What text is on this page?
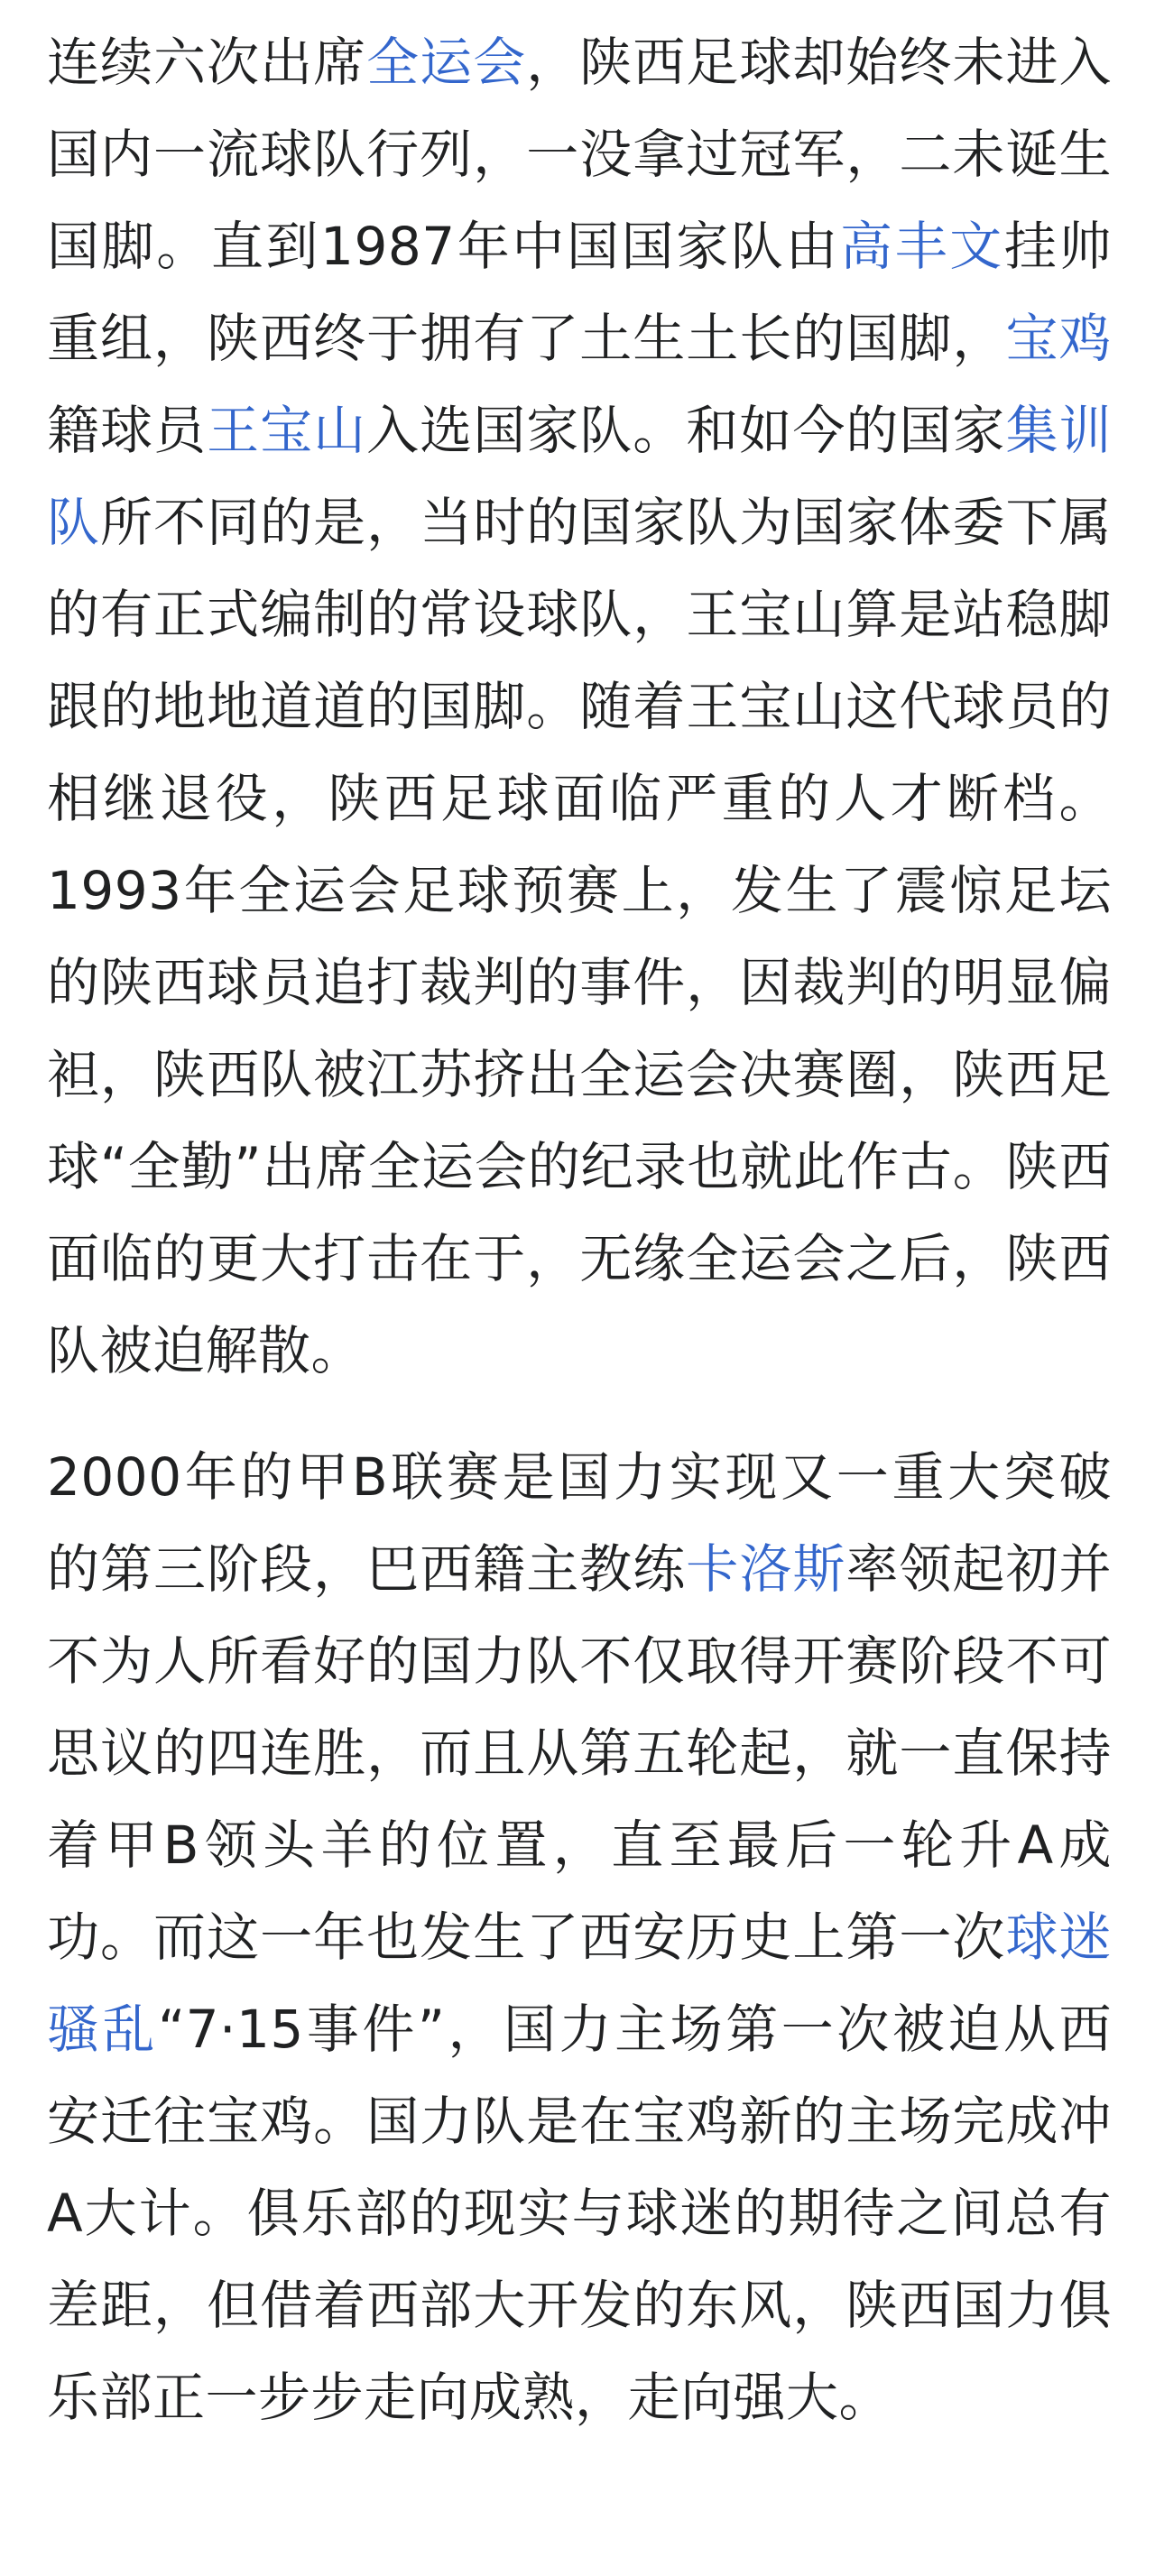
连续六次出席全运会，陕西足球却始终未进入国内一流球队行列，一没拿过冠军，二未诞生国脚。直到1987年中国国家队由高丰文挂帅重组，陕西终于拥有了土生土长的国脚，宝鸡籍球员王宝山入选国家队。和如今的国家集训队所不同的是，当时的国家队为国家体委下属的有正式编制的常设球队，王宝山算是站稳脚跟的地地道道的国脚。随着王宝山这代球员的相继退役，陕西足球面临严重的人才断档。1993年全运会足球预赛上，发生了震惊足坛的陕西球员追打裁判的事件，因裁判的明显偏袒，陕西队被江苏挤出全运会决赛圈，陕西足球“全勤”出席全运会的纪录也就此作古。陕西面临的更大打击在于，无缘全运会之后，陕西队被迫解散。

2000年的甲B联赛是国力实现又一重大突破的第三阶段，巴西籍主教练卡洛斯率领起初并不为人所看好的国力队不仅取得开赛阶段不可思议的四连胜，而且从第五轮起，就一直保持着甲B领头羊的位置，直至最后一轮升A成功。而这一年也发生了西安历史上第一次球迷骚乱“7·15事件”，国力主场第一次被迫从西安迁往宝鸡。国力队是在宝鸡新的主场完成冲A大计。俱乐部的现实与球迷的期待之间总有差距，但借着西部大开发的东风，陕西国力俱乐部正一步步走向成熟，走向强大。
